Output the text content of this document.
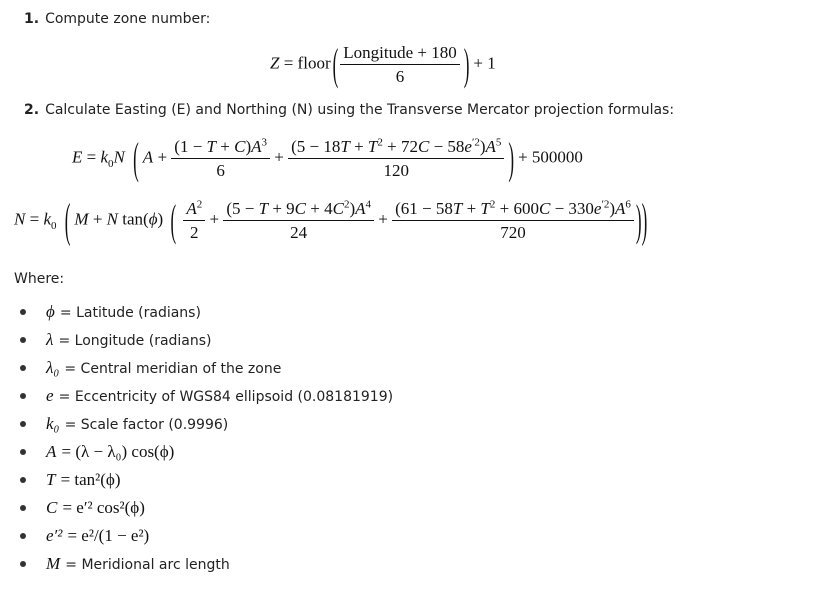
1. Compute zone number:
Z = floor ( $\frac{\text{Longitude + 180}}{6}$ ) + 1
2. Calculate Easting (E) and Northing (N) using the Transverse Mercator projection formulas:
$E = k_0N$ ( $A + \frac{(1 - T + C)A^3}{6} + \frac{(5 - 18T + T^2 + 72C - 58e^{'2})A^5}{120}$ ) + 500000
$N = k_0$ ( M + N tan(ϕ) ( $\frac{A^2}{2} + \frac{(5 - T + 9C + 4C^2)A^4}{24} + \frac{(61 - 58T + T^2 + 600C - 330e^{'2})A^6}{720}$ ))
Where:
ϕ = Latitude (radians)
λ = Longitude (radians)
λ₀ = Central meridian of the zone
e = Eccentricity of WGS84 ellipsoid (0.08181919)
k₀ = Scale factor (0.9996)
A = (λ − λ₀) cos(ϕ)
T = tan²(ϕ)
C = e′² cos²(ϕ)
e′² = e²/(1 − e²)
M = Meridional arc length
